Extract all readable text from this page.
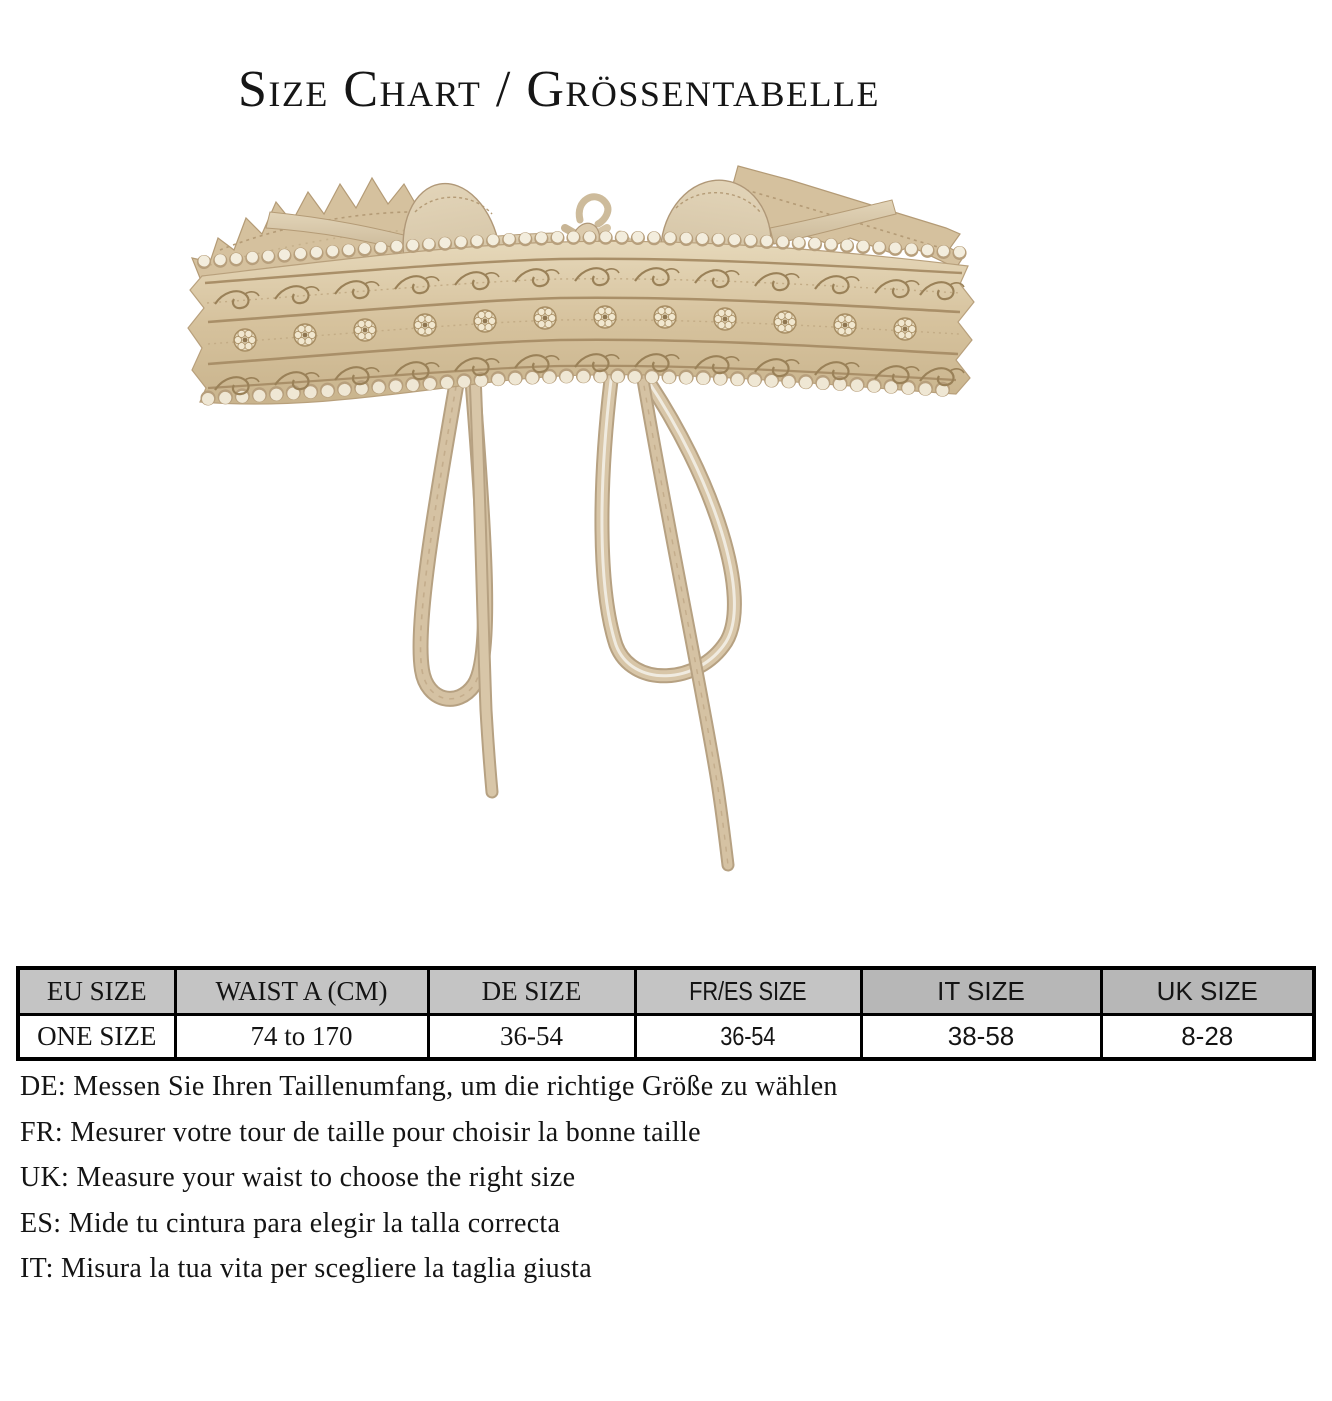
Size Chart / Grössentabelle
EU SIZE	WAIST A (CM)	DE SIZE	FR/ES SIZE	IT SIZE	UK SIZE
ONE SIZE	74 to 170	36-54	36-54	38-58	8-28

DE: Messen Sie Ihren Taillenumfang, um die richtige Größe zu wählen

FR: Mesurer votre tour de taille pour choisir la bonne taille

UK: Measure your waist to choose the right size

ES: Mide tu cintura para elegir la talla correcta

IT: Misura la tua vita per scegliere la taglia giusta
